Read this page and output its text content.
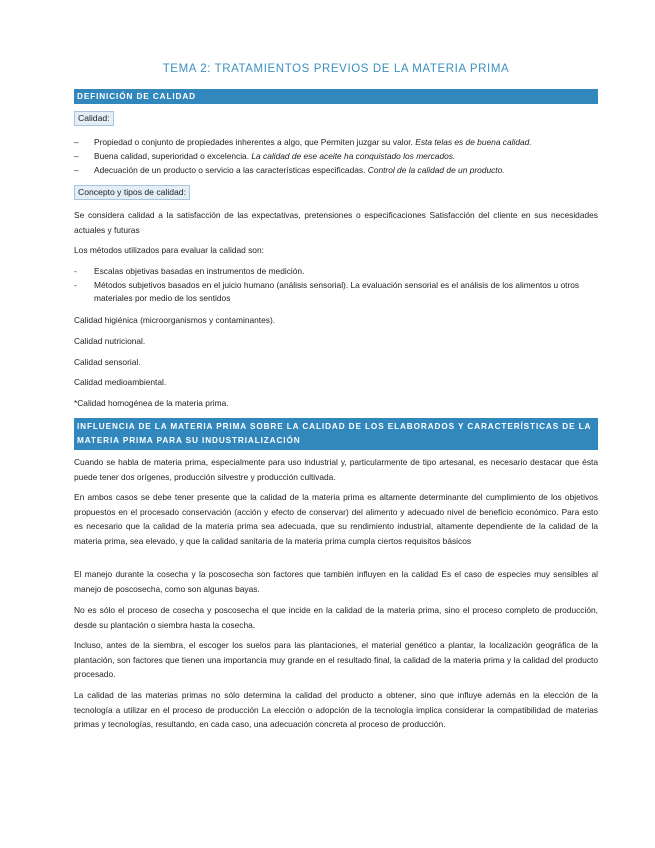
TEMA 2: TRATAMIENTOS PREVIOS DE LA MATERIA PRIMA
DEFINICIÓN DE CALIDAD
Calidad:
– Propiedad o conjunto de propiedades inherentes a algo, que Permiten juzgar su valor. Esta telas es de buena calidad.
– Buena calidad, superioridad o excelencia. La calidad de ese aceite ha conquistado los mercados.
– Adecuación de un producto o servicio a las características especificadas. Control de la calidad de un producto.
Concepto y tipos de calidad:

Se considera calidad a la satisfacción de las expectativas, pretensiones o especificaciones Satisfacción del cliente en sus necesidades actuales y futuras

Los métodos utilizados para evaluar la calidad son:

- Escalas objetivas basadas en instrumentos de medición.
- Métodos subjetivos basados en el juicio humano (análisis sensorial). La evaluación sensorial es el análisis de los alimentos u otros materiales por medio de los sentidos

Calidad higiénica (microorganismos y contaminantes).

Calidad nutricional.

Calidad sensorial.

Calidad medioambiental.

*Calidad homogénea de la materia prima.

INFLUENCIA DE LA MATERIA PRIMA SOBRE LA CALIDAD DE LOS ELABORADOS Y CARACTERÍSTICAS DE LA MATERIA PRIMA PARA SU INDUSTRIALIZACIÓN

Cuando se habla de materia prima, especialmente para uso industrial y, particularmente de tipo artesanal, es necesario destacar que ésta puede tener dos orígenes, producción silvestre y producción cultivada.

En ambos casos se debe tener presente que la calidad de la materia prima es altamente determinante del cumplimiento de los objetivos propuestos en el procesado conservación (acción y efecto de conservar) del alimento y adecuado nivel de beneficio económico. Para esto es necesario que la calidad de la materia prima sea adecuada, que su rendimiento industrial, altamente dependiente de la calidad de la materia prima, sea elevado, y que la calidad sanitaria de la materia prima cumpla ciertos requisitos básicos

El manejo durante la cosecha y la poscosecha son factores que también influyen en la calidad Es el caso de especies muy sensibles al manejo de poscosecha, como son algunas bayas.

No es sólo el proceso de cosecha y poscosecha el que incide en la calidad de la materia prima, sino el proceso completo de producción, desde su plantación o siembra hasta la cosecha.

Incluso, antes de la siembra, el escoger los suelos para las plantaciones, el material genético a plantar, la localización geográfica de la plantación, son factores que tienen una importancia muy grande en el resultado final, la calidad de la materia prima y la calidad del producto procesado.

La calidad de las materias primas no sólo determina la calidad del producto a obtener, sino que influye además en la elección de la tecnología a utilizar en el proceso de producción La elección o adopción de la tecnología implica considerar la compatibilidad de materias primas y tecnologías, resultando, en cada caso, una adecuación concreta al proceso de producción.
